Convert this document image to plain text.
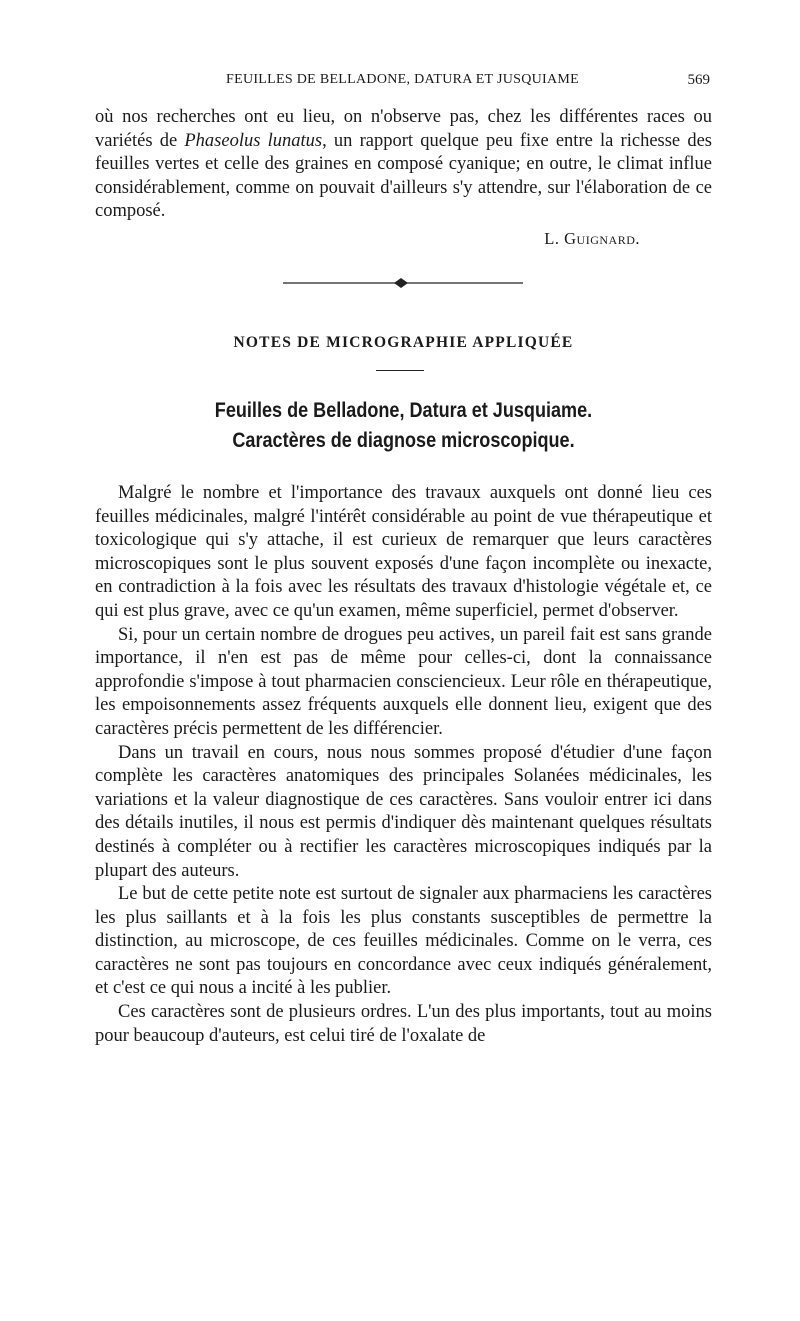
FEUILLES DE BELLADONE, DATURA ET JUSQUIAME	569

où nos recherches ont eu lieu, on n'observe pas, chez les différentes races ou variétés de Phaseolus lunatus, un rapport quelque peu fixe entre la richesse des feuilles vertes et celle des graines en composé cyanique; en outre, le climat influe considérablement, comme on pouvait d'ailleurs s'y attendre, sur l'élaboration de ce composé.

L. Guignard.
NOTES DE MICROGRAPHIE APPLIQUÉE
Feuilles de Belladone, Datura et Jusquiame.
Caractères de diagnose microscopique.

Malgré le nombre et l'importance des travaux auxquels ont donné lieu ces feuilles médicinales, malgré l'intérêt considérable au point de vue thérapeutique et toxicologique qui s'y attache, il est curieux de remarquer que leurs caractères microscopiques sont le plus souvent exposés d'une façon incomplète ou inexacte, en contradiction à la fois avec les résultats des travaux d'histologie végétale et, ce qui est plus grave, avec ce qu'un examen, même superficiel, permet d'observer.

Si, pour un certain nombre de drogues peu actives, un pareil fait est sans grande importance, il n'en est pas de même pour celles-ci, dont la connaissance approfondie s'impose à tout pharmacien consciencieux. Leur rôle en thérapeutique, les empoisonnements assez fréquents auxquels elle donnent lieu, exigent que des caractères précis permettent de les différencier.

Dans un travail en cours, nous nous sommes proposé d'étudier d'une façon complète les caractères anatomiques des principales Solanées médicinales, les variations et la valeur diagnostique de ces caractères. Sans vouloir entrer ici dans des détails inutiles, il nous est permis d'indiquer dès maintenant quelques résultats destinés à compléter ou à rectifier les caractères microscopiques indiqués par la plupart des auteurs.

Le but de cette petite note est surtout de signaler aux pharmaciens les caractères les plus saillants et à la fois les plus constants susceptibles de permettre la distinction, au microscope, de ces feuilles médicinales. Comme on le verra, ces caractères ne sont pas toujours en concordance avec ceux indiqués généralement, et c'est ce qui nous a incité à les publier.

Ces caractères sont de plusieurs ordres. L'un des plus importants, tout au moins pour beaucoup d'auteurs, est celui tiré de l'oxalate de
